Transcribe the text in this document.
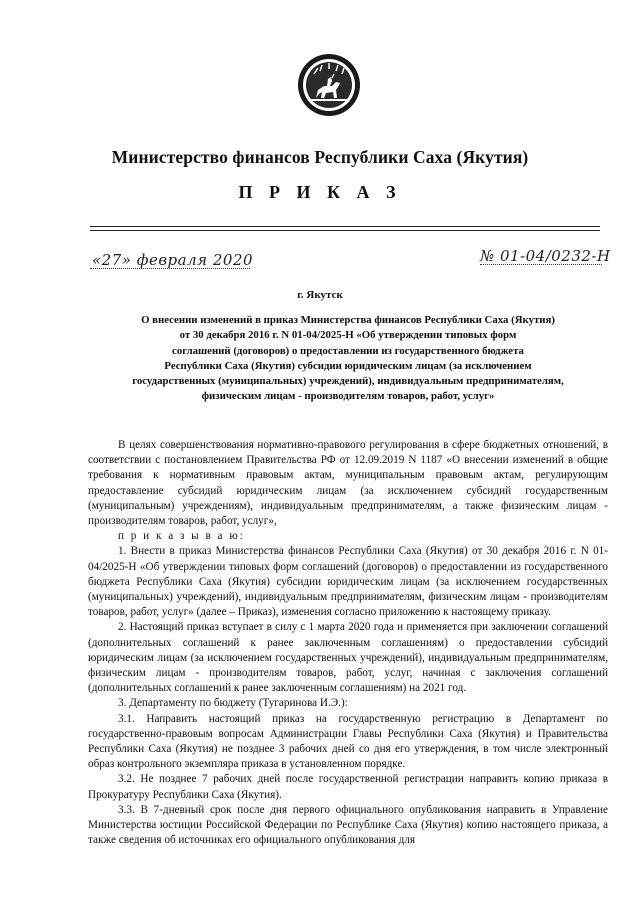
Министерство финансов Республики Саха (Якутия)
П Р И К А З
«27» февраля 2020	№ 01-04/0232-Н
г. Якутск
О внесении изменений в приказ Министерства финансов Республики Саха (Якутия)
от 30 декабря 2016 г. N 01-04/2025-Н «Об утверждении типовых форм
соглашений (договоров) о предоставлении из государственного бюджета
Республики Саха (Якутия) субсидии юридическим лицам (за исключением
государственных (муниципальных) учреждений), индивидуальным предпринимателям,
физическим лицам - производителям товаров, работ, услуг»

В целях совершенствования нормативно-правового регулирования в сфере бюджетных отношений, в соответствии с постановлением Правительства РФ от 12.09.2019 N 1187 «О внесении изменений в общие требования к нормативным правовым актам, муниципальным правовым актам, регулирующим предоставление субсидий юридическим лицам (за исключением субсидий государственным (муниципальным) учреждениям), индивидуальным предпринимателям, а также физическим лицам - производителям товаров, работ, услуг»,

п р и к а з ы в а ю:

1. Внести в приказ Министерства финансов Республики Саха (Якутия) от 30 декабря 2016 г. N 01-04/2025-Н «Об утверждении типовых форм соглашений (договоров) о предоставлении из государственного бюджета Республики Саха (Якутия) субсидии юридическим лицам (за исключением государственных (муниципальных) учреждений), индивидуальным предпринимателям, физическим лицам - производителям товаров, работ, услуг» (далее – Приказ), изменения согласно приложению к настоящему приказу.

2. Настоящий приказ вступает в силу с 1 марта 2020 года и применяется при заключении соглашений (дополнительных соглашений к ранее заключенным соглашениям) о предоставлении субсидий юридическим лицам (за исключением государственных учреждений), индивидуальным предпринимателям, физическим лицам - производителям товаров, работ, услуг, начиная с заключения соглашений (дополнительных соглашений к ранее заключенным соглашениям) на 2021 год.

3. Департаменту по бюджету (Тугаринова И.Э.):

3.1. Направить настоящий приказ на государственную регистрацию в Департамент по государственно-правовым вопросам Администрации Главы Республики Саха (Якутия) и Правительства Республики Саха (Якутия) не позднее 3 рабочих дней со дня его утверждения, в том числе электронный образ контрольного экземпляра приказа в установленном порядке.

3.2. Не позднее 7 рабочих дней после государственной регистрации направить копию приказа в Прокуратуру Республики Саха (Якутия).

3.3. В 7-дневный срок после дня первого официального опубликования направить в Управление Министерства юстиции Российской Федерации по Республике Саха (Якутия) копию настоящего приказа, а также сведения об источниках его официального опубликования для
